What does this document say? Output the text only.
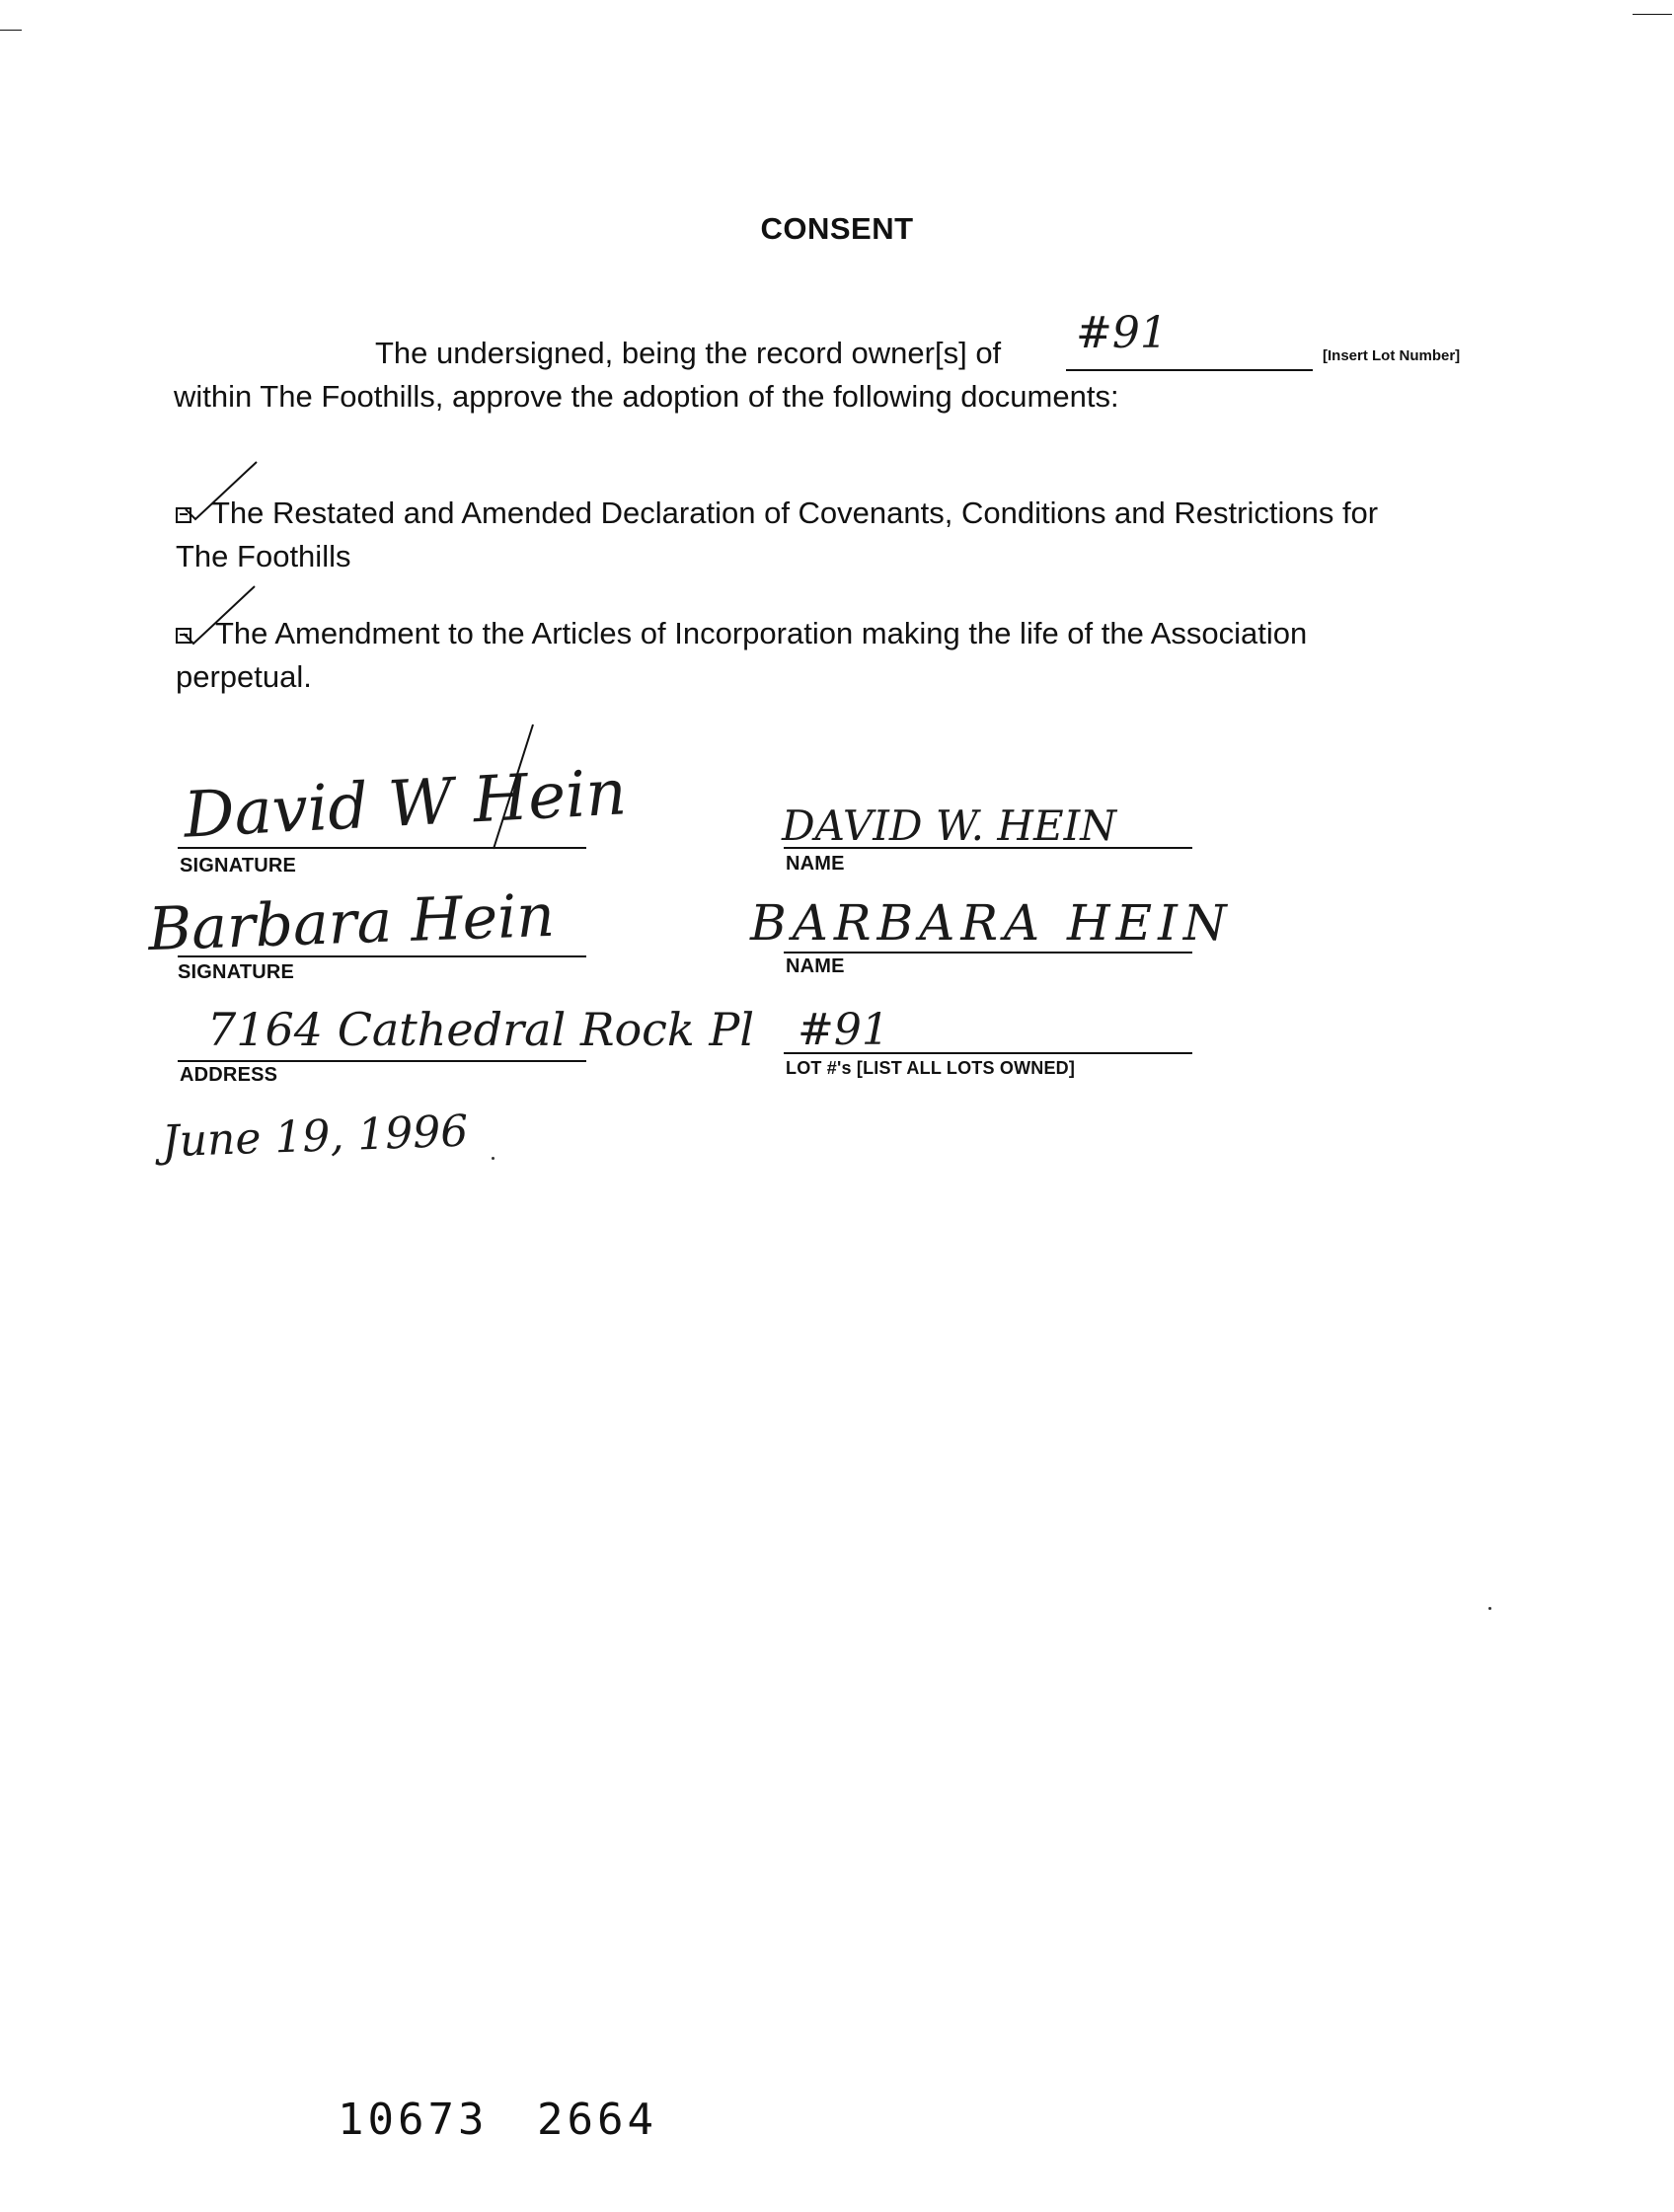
CONSENT
The undersigned, being the record owner[s] of #91	[Insert Lot Number]
within The Foothills, approve the adoption of the following documents:
The Restated and Amended Declaration of Covenants, Conditions and Restrictions for
The Foothills
The Amendment to the Articles of Incorporation making the life of the Association
perpetual.
David W Hein
SIGNATURE
DAVID W. HEIN
NAME
Barbara Hein
SIGNATURE
BARBARA HEIN
NAME
7164 Cathedral Rock Pl
ADDRESS
#91
LOT #'s [LIST ALL LOTS OWNED]
June 19, 1996
10673 2664
